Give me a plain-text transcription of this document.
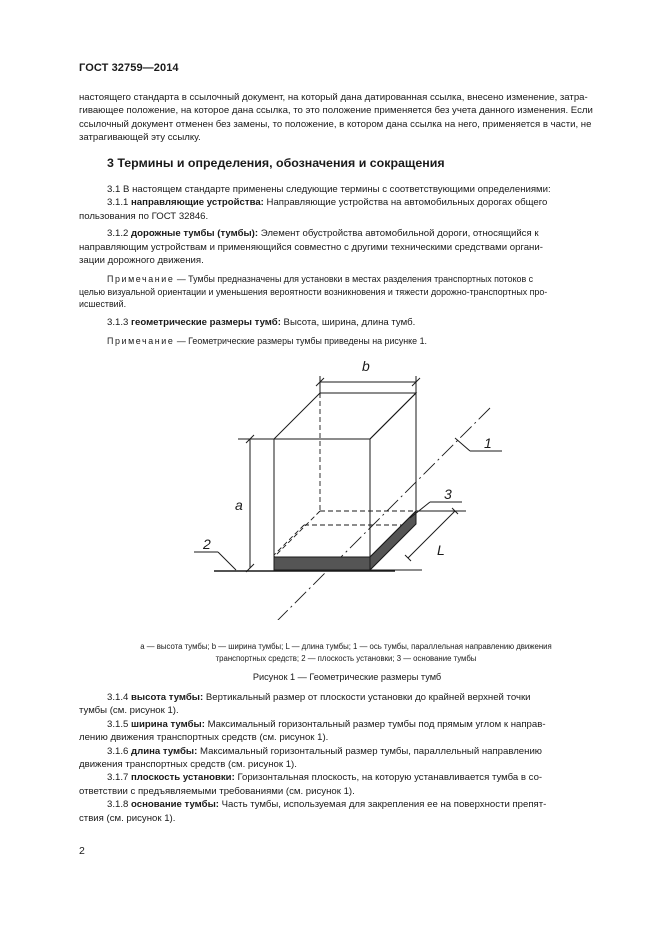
ГОСТ 32759—2014

настоящего стандарта в ссылочный документ, на который дана датированная ссылка, внесено изменение, затра-

гивающее положение, на которое дана ссылка, то это положение применяется без учета данного изменения. Если

ссылочный документ отменен без замены, то положение, в котором дана ссылка на него, применяется в части, не

затрагивающей эту ссылку.

3 Термины и определения, обозначения и сокращения

3.1 В настоящем стандарте применены следующие термины с соответствующими определениями:

3.1.1 направляющие устройства: Направляющие устройства на автомобильных дорогах общего

пользования по ГОСТ 32846.

3.1.2 дорожные тумбы (тумбы): Элемент обустройства автомобильной дороги, относящийся к

направляющим устройствам и применяющийся совместно с другими техническими средствами органи-

зации дорожного движения.

Примечание — Тумбы предназначены для установки в местах разделения транспортных потоков с

целью визуальной ориентации и уменьшения вероятности возникновения и тяжести дорожно-транспортных про-

исшествий.

3.1.3 геометрические размеры тумб: Высота, ширина, длина тумб.

Примечание — Геометрические размеры тумбы приведены на рисунке 1.

b
a
L
1
2
3
a — высота тумбы; b — ширина тумбы; L — длина тумбы; 1 — ось тумбы, параллельная направлению движения
транспортных средств; 2 — плоскость установки; 3 — основание тумбы
Рисунок 1 — Геометрические размеры тумб

3.1.4 высота тумбы: Вертикальный размер от плоскости установки до крайней верхней точки

тумбы (см. рисунок 1).

3.1.5 ширина тумбы: Максимальный горизонтальный размер тумбы под прямым углом к направ-

лению движения транспортных средств (см. рисунок 1).

3.1.6 длина тумбы: Максимальный горизонтальный размер тумбы, параллельный направлению

движения транспортных средств (см. рисунок 1).

3.1.7 плоскость установки: Горизонтальная плоскость, на которую устанавливается тумба в со-

ответствии с предъявляемыми требованиями (см. рисунок 1).

3.1.8 основание тумбы: Часть тумбы, используемая для закрепления ее на поверхности препят-

ствия (см. рисунок 1).

2
